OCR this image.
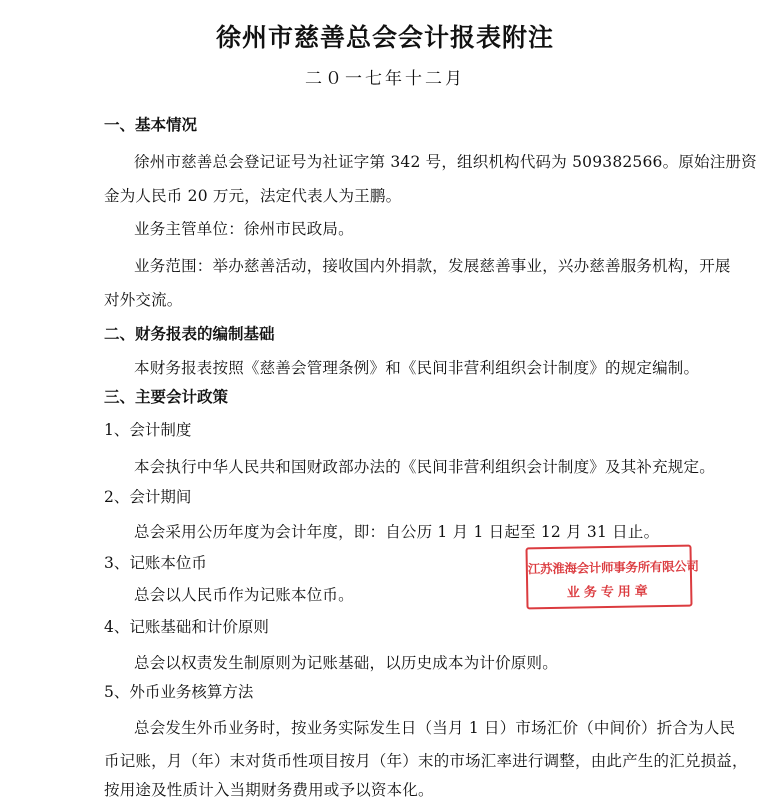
徐州市慈善总会会计报表附注
二０一七年十二月
一、基本情况
徐州市慈善总会登记证号为社证字第 342 号，组织机构代码为 509382566。原始注册资
金为人民币 20 万元，法定代表人为王鹏。
业务主管单位：徐州市民政局。
业务范围：举办慈善活动，接收国内外捐款，发展慈善事业，兴办慈善服务机构，开展
对外交流。
二、财务报表的编制基础
本财务报表按照《慈善会管理条例》和《民间非营利组织会计制度》的规定编制。
三、主要会计政策
1、会计制度
本会执行中华人民共和国财政部办法的《民间非营利组织会计制度》及其补充规定。
2、会计期间
总会采用公历年度为会计年度，即：自公历 1 月 1 日起至 12 月 31 日止。
3、记账本位币
总会以人民币作为记账本位币。
4、记账基础和计价原则
总会以权责发生制原则为记账基础，以历史成本为计价原则。
5、外币业务核算方法
总会发生外币业务时，按业务实际发生日（当月 1 日）市场汇价（中间价）折合为人民
币记账，月（年）末对货币性项目按月（年）末的市场汇率进行调整，由此产生的汇兑损益，
按用途及性质计入当期财务费用或予以资本化。
江苏淮海会计师事务所有限公司
业务专用章
